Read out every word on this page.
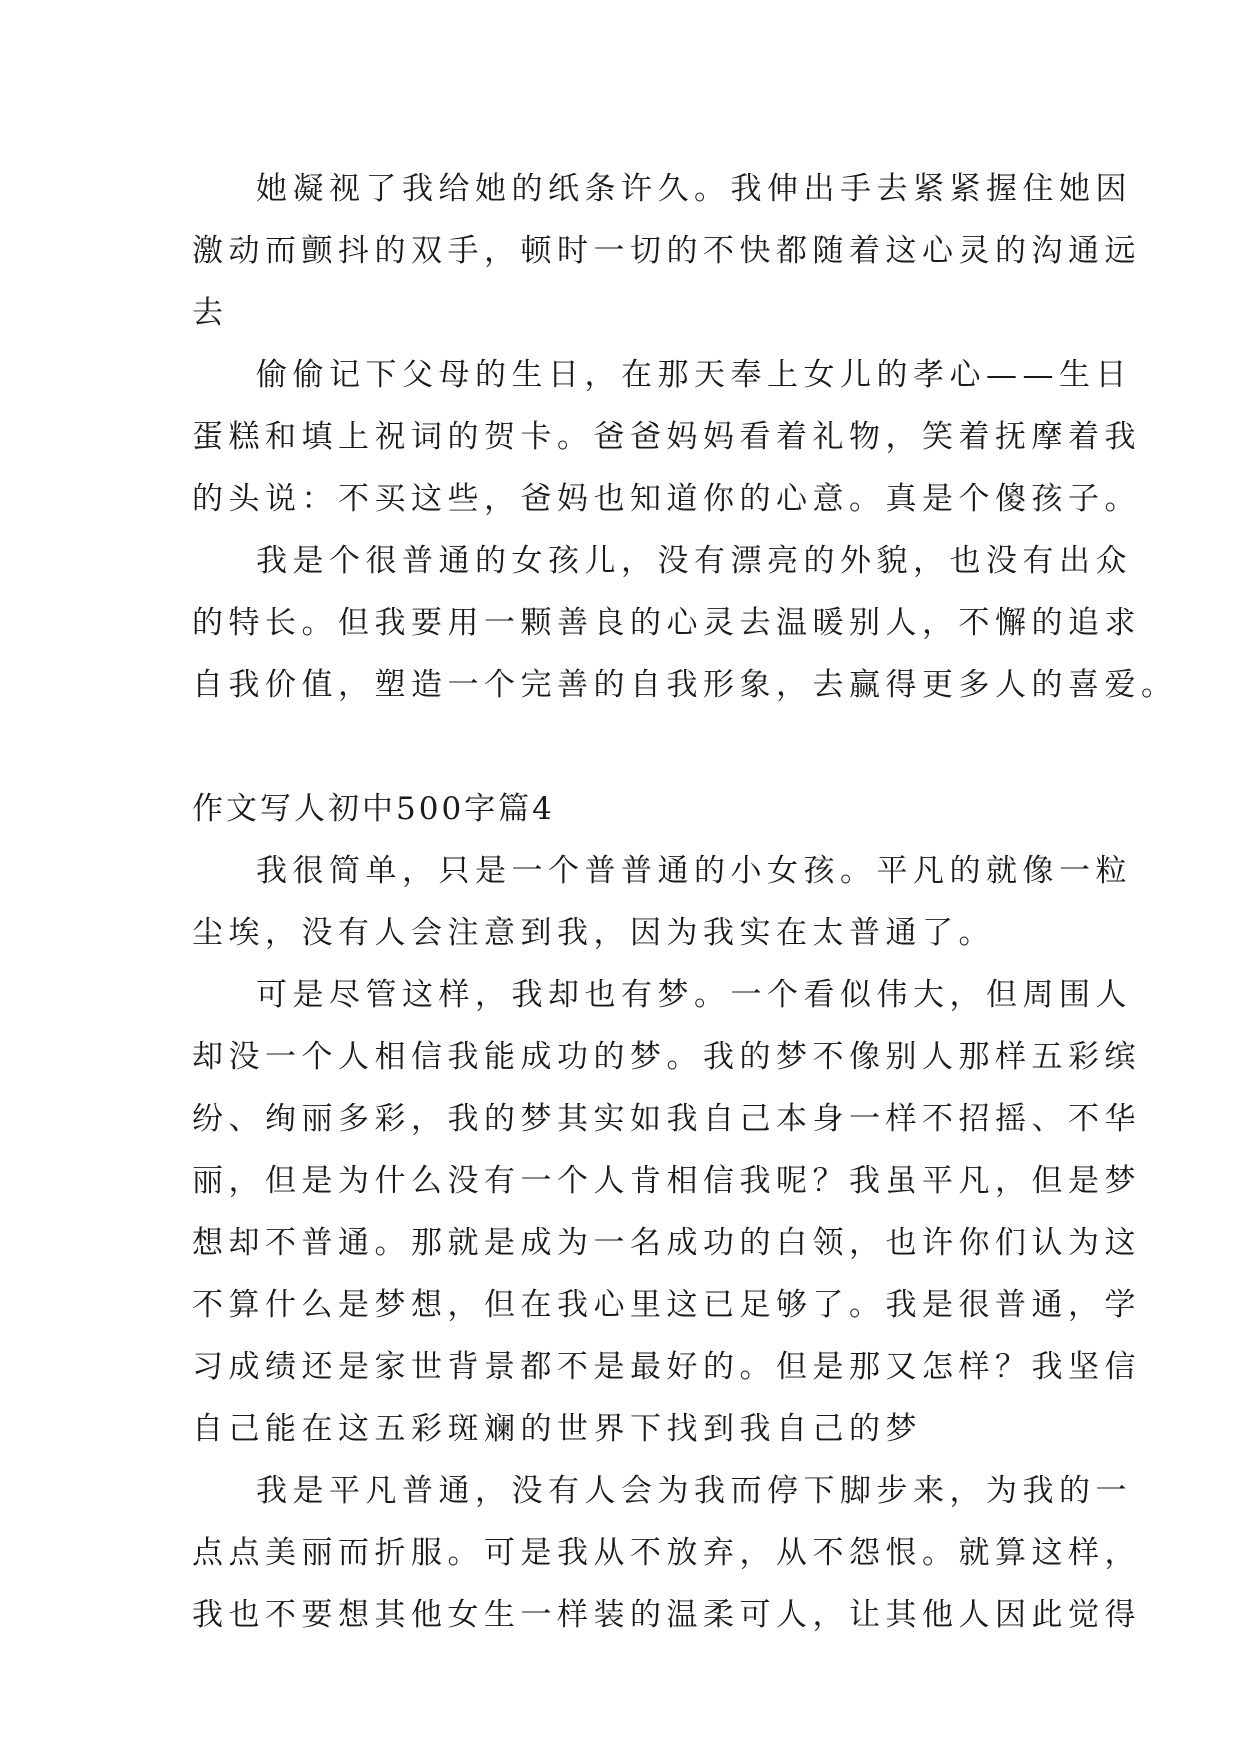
她凝视了我给她的纸条许久。我伸出手去紧紧握住她因
激动而颤抖的双手，顿时一切的不快都随着这心灵的沟通远
去
偷偷记下父母的生日，在那天奉上女儿的孝心——生日
蛋糕和填上祝词的贺卡。爸爸妈妈看着礼物，笑着抚摩着我
的头说：不买这些，爸妈也知道你的心意。真是个傻孩子。
我是个很普通的女孩儿，没有漂亮的外貌，也没有出众
的特长。但我要用一颗善良的心灵去温暖别人，不懈的追求
自我价值，塑造一个完善的自我形象，去赢得更多人的喜爱。
作文写人初中500字篇4
我很简单，只是一个普普通的小女孩。平凡的就像一粒
尘埃，没有人会注意到我，因为我实在太普通了。
可是尽管这样，我却也有梦。一个看似伟大，但周围人
却没一个人相信我能成功的梦。我的梦不像别人那样五彩缤
纷、绚丽多彩，我的梦其实如我自己本身一样不招摇、不华
丽，但是为什么没有一个人肯相信我呢？我虽平凡，但是梦
想却不普通。那就是成为一名成功的白领，也许你们认为这
不算什么是梦想，但在我心里这已足够了。我是很普通，学
习成绩还是家世背景都不是最好的。但是那又怎样？我坚信
自己能在这五彩斑斓的世界下找到我自己的梦
我是平凡普通，没有人会为我而停下脚步来，为我的一
点点美丽而折服。可是我从不放弃，从不怨恨。就算这样，
我也不要想其他女生一样装的温柔可人，让其他人因此觉得
